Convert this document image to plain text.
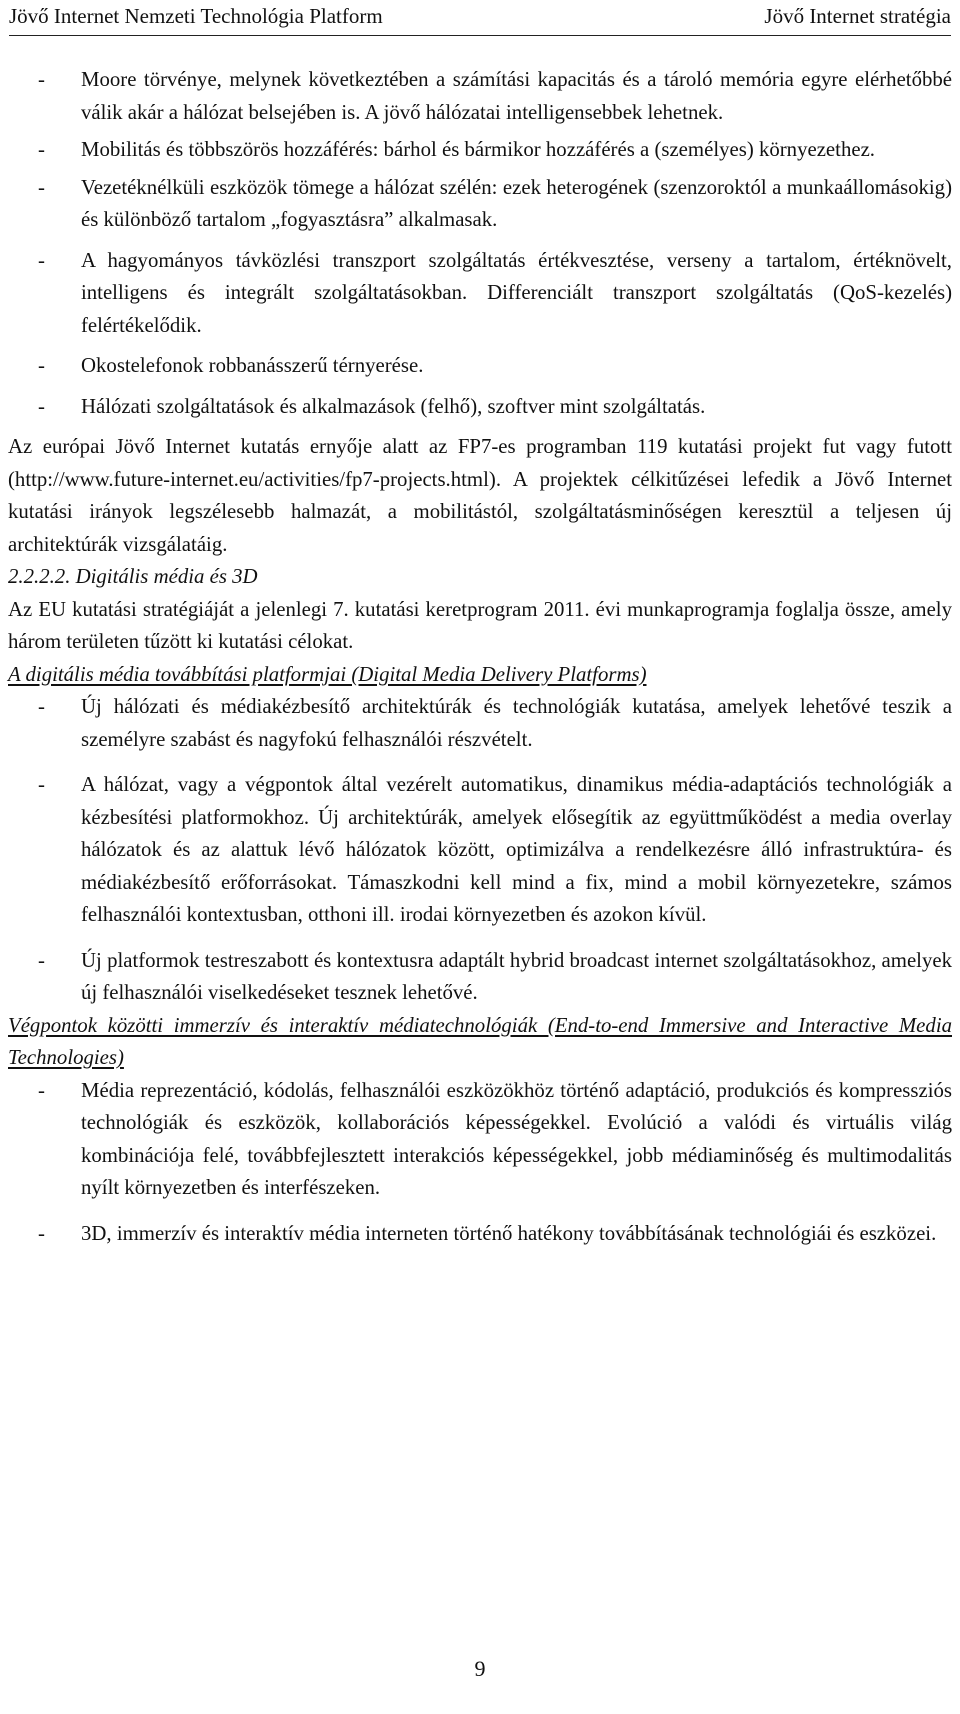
Jövő Internet Nemzeti Technológia Platform	Jövő Internet stratégia
- Moore törvénye, melynek következtében a számítási kapacitás és a tároló memória egyre elérhetőbbé válik akár a hálózat belsejében is. A jövő hálózatai intelligensebbek lehetnek.
- Mobilitás és többszörös hozzáférés: bárhol és bármikor hozzáférés a (személyes) környezethez.
- Vezetéknélküli eszközök tömege a hálózat szélén: ezek heterogének (szenzoroktól a munkaállomásokig) és különböző tartalom „fogyasztásra” alkalmasak.
- A hagyományos távközlési transzport szolgáltatás értékvesztése, verseny a tartalom, értéknövelt, intelligens és integrált szolgáltatásokban. Differenciált transzport szolgáltatás (QoS-kezelés) felértékelődik.
- Okostelefonok robbanásszerű térnyerése.
- Hálózati szolgáltatások és alkalmazások (felhő), szoftver mint szolgáltatás.

Az európai Jövő Internet kutatás ernyője alatt az FP7-es programban 119 kutatási projekt fut vagy futott (http://www.future-internet.eu/activities/fp7-projects.html). A projektek célkitűzései lefedik a Jövő Internet kutatási irányok legszélesebb halmazát, a mobilitástól, szolgáltatásminőségen keresztül a teljesen új architektúrák vizsgálatáig.

2.2.2.2. Digitális média és 3D

Az EU kutatási stratégiáját a jelenlegi 7. kutatási keretprogram 2011. évi munkaprogramja foglalja össze, amely három területen tűzött ki kutatási célokat.

A digitális média továbbítási platformjai (Digital Media Delivery Platforms)

- Új hálózati és médiakézbesítő architektúrák és technológiák kutatása, amelyek lehetővé teszik a személyre szabást és nagyfokú felhasználói részvételt.
- A hálózat, vagy a végpontok által vezérelt automatikus, dinamikus média-adaptációs technológiák a kézbesítési platformokhoz. Új architektúrák, amelyek elősegítik az együttműködést a media overlay hálózatok és az alattuk lévő hálózatok között, optimizálva a rendelkezésre álló infrastruktúra- és médiakézbesítő erőforrásokat. Támaszkodni kell mind a fix, mind a mobil környezetekre, számos felhasználói kontextusban, otthoni ill. irodai környezetben és azokon kívül.
- Új platformok testreszabott és kontextusra adaptált hybrid broadcast internet szolgáltatásokhoz, amelyek új felhasználói viselkedéseket tesznek lehetővé.

Végpontok közötti immerzív és interaktív médiatechnológiák (End-to-end Immersive and Interactive Media Technologies)

- Média reprezentáció, kódolás, felhasználói eszközökhöz történő adaptáció, produkciós és kompressziós technológiák és eszközök, kollaborációs képességekkel. Evolúció a valódi és virtuális világ kombinációja felé, továbbfejlesztett interakciós képességekkel, jobb médiaminőség és multimodalitás nyílt környezetben és interfészeken.
- 3D, immerzív és interaktív média interneten történő hatékony továbbításának technológiái és eszközei.
9
